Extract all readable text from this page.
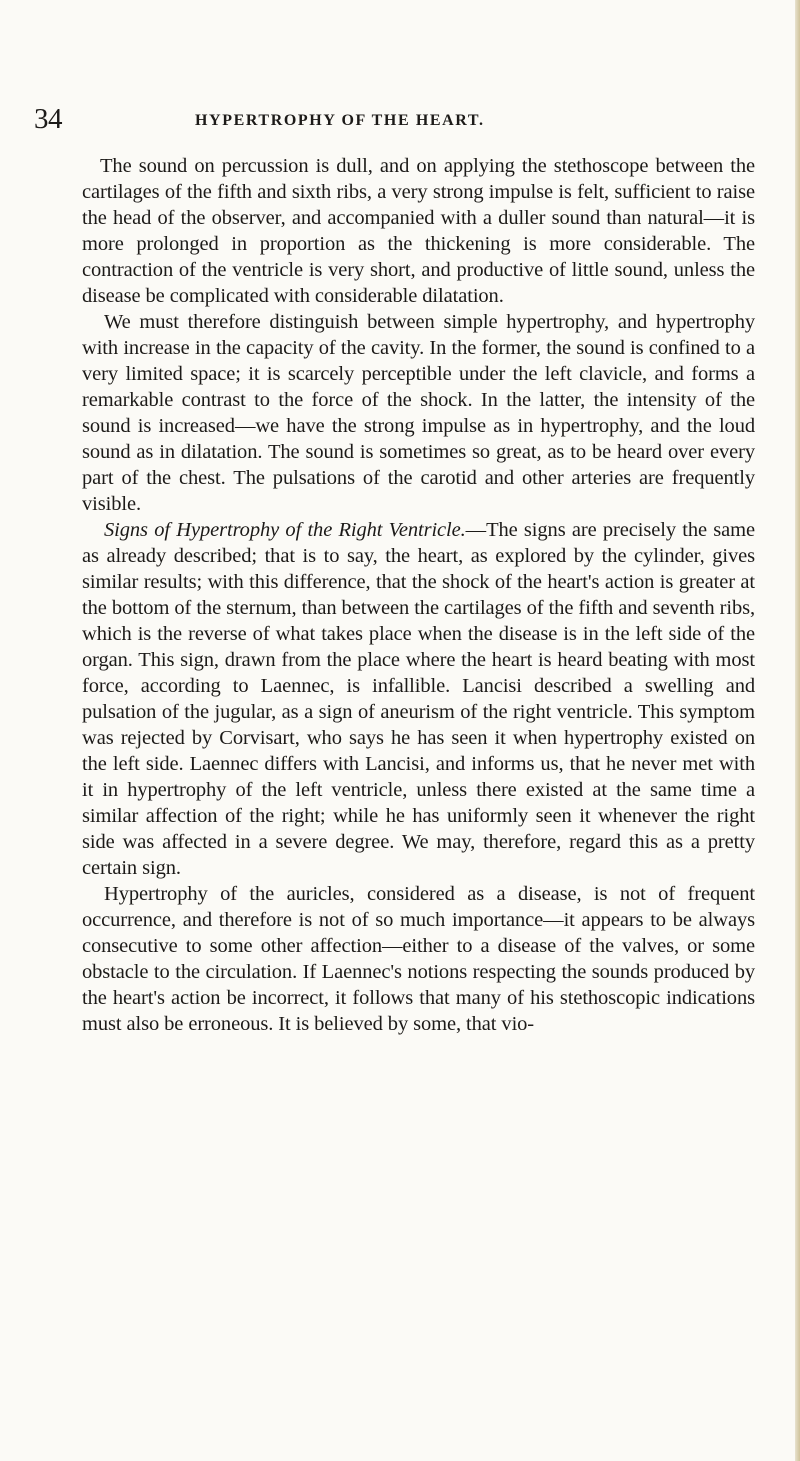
34	HYPERTROPHY OF THE HEART.

The sound on percussion is dull, and on applying the stethoscope between the cartilages of the fifth and sixth ribs, a very strong impulse is felt, sufficient to raise the head of the observer, and accompanied with a duller sound than natural—it is more prolonged in proportion as the thickening is more considerable. The contraction of the ventricle is very short, and productive of little sound, unless the disease be complicated with considerable dilatation.

We must therefore distinguish between simple hypertrophy, and hypertrophy with increase in the capacity of the cavity. In the former, the sound is confined to a very limited space; it is scarcely perceptible under the left clavicle, and forms a remarkable contrast to the force of the shock. In the latter, the intensity of the sound is increased—we have the strong impulse as in hypertrophy, and the loud sound as in dilatation. The sound is sometimes so great, as to be heard over every part of the chest. The pulsations of the carotid and other arteries are frequently visible.

Signs of Hypertrophy of the Right Ventricle.—The signs are precisely the same as already described; that is to say, the heart, as explored by the cylinder, gives similar results; with this difference, that the shock of the heart's action is greater at the bottom of the sternum, than between the cartilages of the fifth and seventh ribs, which is the reverse of what takes place when the disease is in the left side of the organ. This sign, drawn from the place where the heart is heard beating with most force, according to Laennec, is infallible. Lancisi described a swelling and pulsation of the jugular, as a sign of aneurism of the right ventricle. This symptom was rejected by Corvisart, who says he has seen it when hypertrophy existed on the left side. Laennec differs with Lancisi, and informs us, that he never met with it in hypertrophy of the left ventricle, unless there existed at the same time a similar affection of the right; while he has uniformly seen it whenever the right side was affected in a severe degree. We may, therefore, regard this as a pretty certain sign.

Hypertrophy of the auricles, considered as a disease, is not of frequent occurrence, and therefore is not of so much importance—it appears to be always consecutive to some other affection—either to a disease of the valves, or some obstacle to the circulation. If Laennec's notions respecting the sounds produced by the heart's action be incorrect, it follows that many of his stethoscopic indications must also be erroneous. It is believed by some, that vio-
